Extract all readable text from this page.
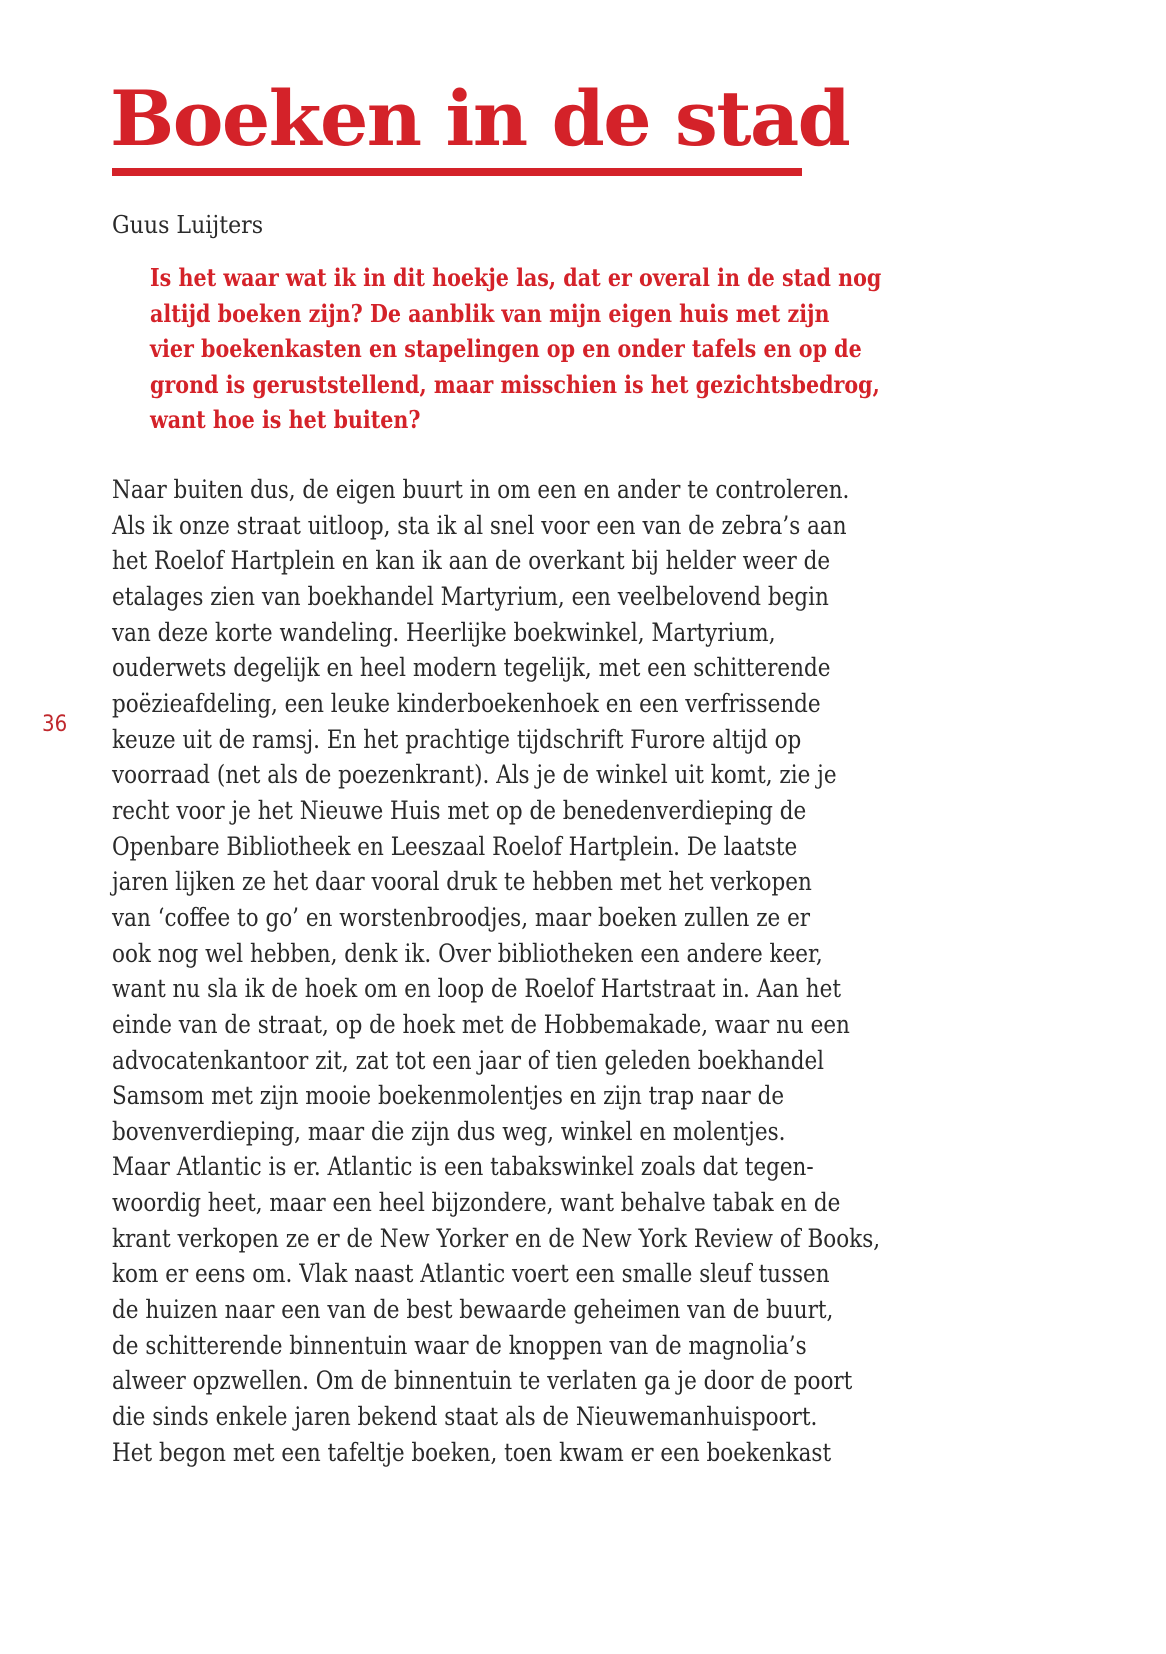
Boeken in de stad
Guus Luijters
Is het waar wat ik in dit hoekje las, dat er overal in de stad nog
altijd boeken zijn? De aanblik van mijn eigen huis met zijn
vier boekenkasten en stapelingen op en onder tafels en op de
grond is geruststellend, maar misschien is het gezichtsbedrog,
want hoe is het buiten?
36
Naar buiten dus, de eigen buurt in om een en ander te controleren.
Als ik onze straat uitloop, sta ik al snel voor een van de zebra’s aan
het Roelof Hartplein en kan ik aan de overkant bij helder weer de
etalages zien van boekhandel Martyrium, een veelbelovend begin
van deze korte wandeling. Heerlijke boekwinkel, Martyrium,
ouderwets degelijk en heel modern tegelijk, met een schitterende
poëzieafdeling, een leuke kinderboekenhoek en een verfrissende
keuze uit de ramsj. En het prachtige tijdschrift Furore altijd op
voorraad (net als de poezenkrant). Als je de winkel uit komt, zie je
recht voor je het Nieuwe Huis met op de benedenverdieping de
Openbare Bibliotheek en Leeszaal Roelof Hartplein. De laatste
jaren lijken ze het daar vooral druk te hebben met het verkopen
van ‘coffee to go’ en worstenbroodjes, maar boeken zullen ze er
ook nog wel hebben, denk ik. Over bibliotheken een andere keer,
want nu sla ik de hoek om en loop de Roelof Hartstraat in. Aan het
einde van de straat, op de hoek met de Hobbemakade, waar nu een
advocatenkantoor zit, zat tot een jaar of tien geleden boekhandel
Samsom met zijn mooie boekenmolentjes en zijn trap naar de
bovenverdieping, maar die zijn dus weg, winkel en molentjes.
Maar Atlantic is er. Atlantic is een tabakswinkel zoals dat tegen-
woordig heet, maar een heel bijzondere, want behalve tabak en de
krant verkopen ze er de New Yorker en de New York Review of Books,
kom er eens om. Vlak naast Atlantic voert een smalle sleuf tussen
de huizen naar een van de best bewaarde geheimen van de buurt,
de schitterende binnentuin waar de knoppen van de magnolia’s
alweer opzwellen. Om de binnentuin te verlaten ga je door de poort
die sinds enkele jaren bekend staat als de Nieuwemanhuispoort.
Het begon met een tafeltje boeken, toen kwam er een boekenkast
